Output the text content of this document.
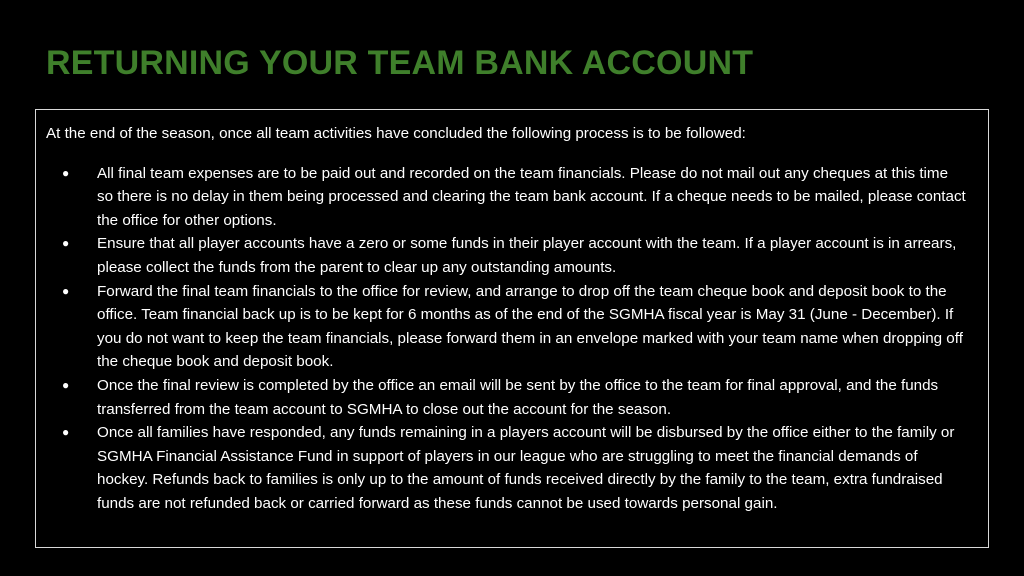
RETURNING YOUR TEAM BANK ACCOUNT

At the end of the season, once all team activities have concluded the following process is to be followed:

● All final team expenses are to be paid out and recorded on the team financials. Please do not mail out any cheques at this time so there is no delay in them being processed and clearing the team bank account. If a cheque needs to be mailed, please contact the office for other options.
● Ensure that all player accounts have a zero or some funds in their player account with the team. If a player account is in arrears, please collect the funds from the parent to clear up any outstanding amounts.
● Forward the final team financials to the office for review, and arrange to drop off the team cheque book and deposit book to the office. Team financial back up is to be kept for 6 months as of the end of the SGMHA fiscal year is May 31 (June - December). If you do not want to keep the team financials, please forward them in an envelope marked with your team name when dropping off the cheque book and deposit book.
● Once the final review is completed by the office an email will be sent by the office to the team for final approval, and the funds transferred from the team account to SGMHA to close out the account for the season.
● Once all families have responded, any funds remaining in a players account will be disbursed by the office either to the family or SGMHA Financial Assistance Fund in support of players in our league who are struggling to meet the financial demands of hockey. Refunds back to families is only up to the amount of funds received directly by the family to the team, extra fundraised funds are not refunded back or carried forward as these funds cannot be used towards personal gain.
